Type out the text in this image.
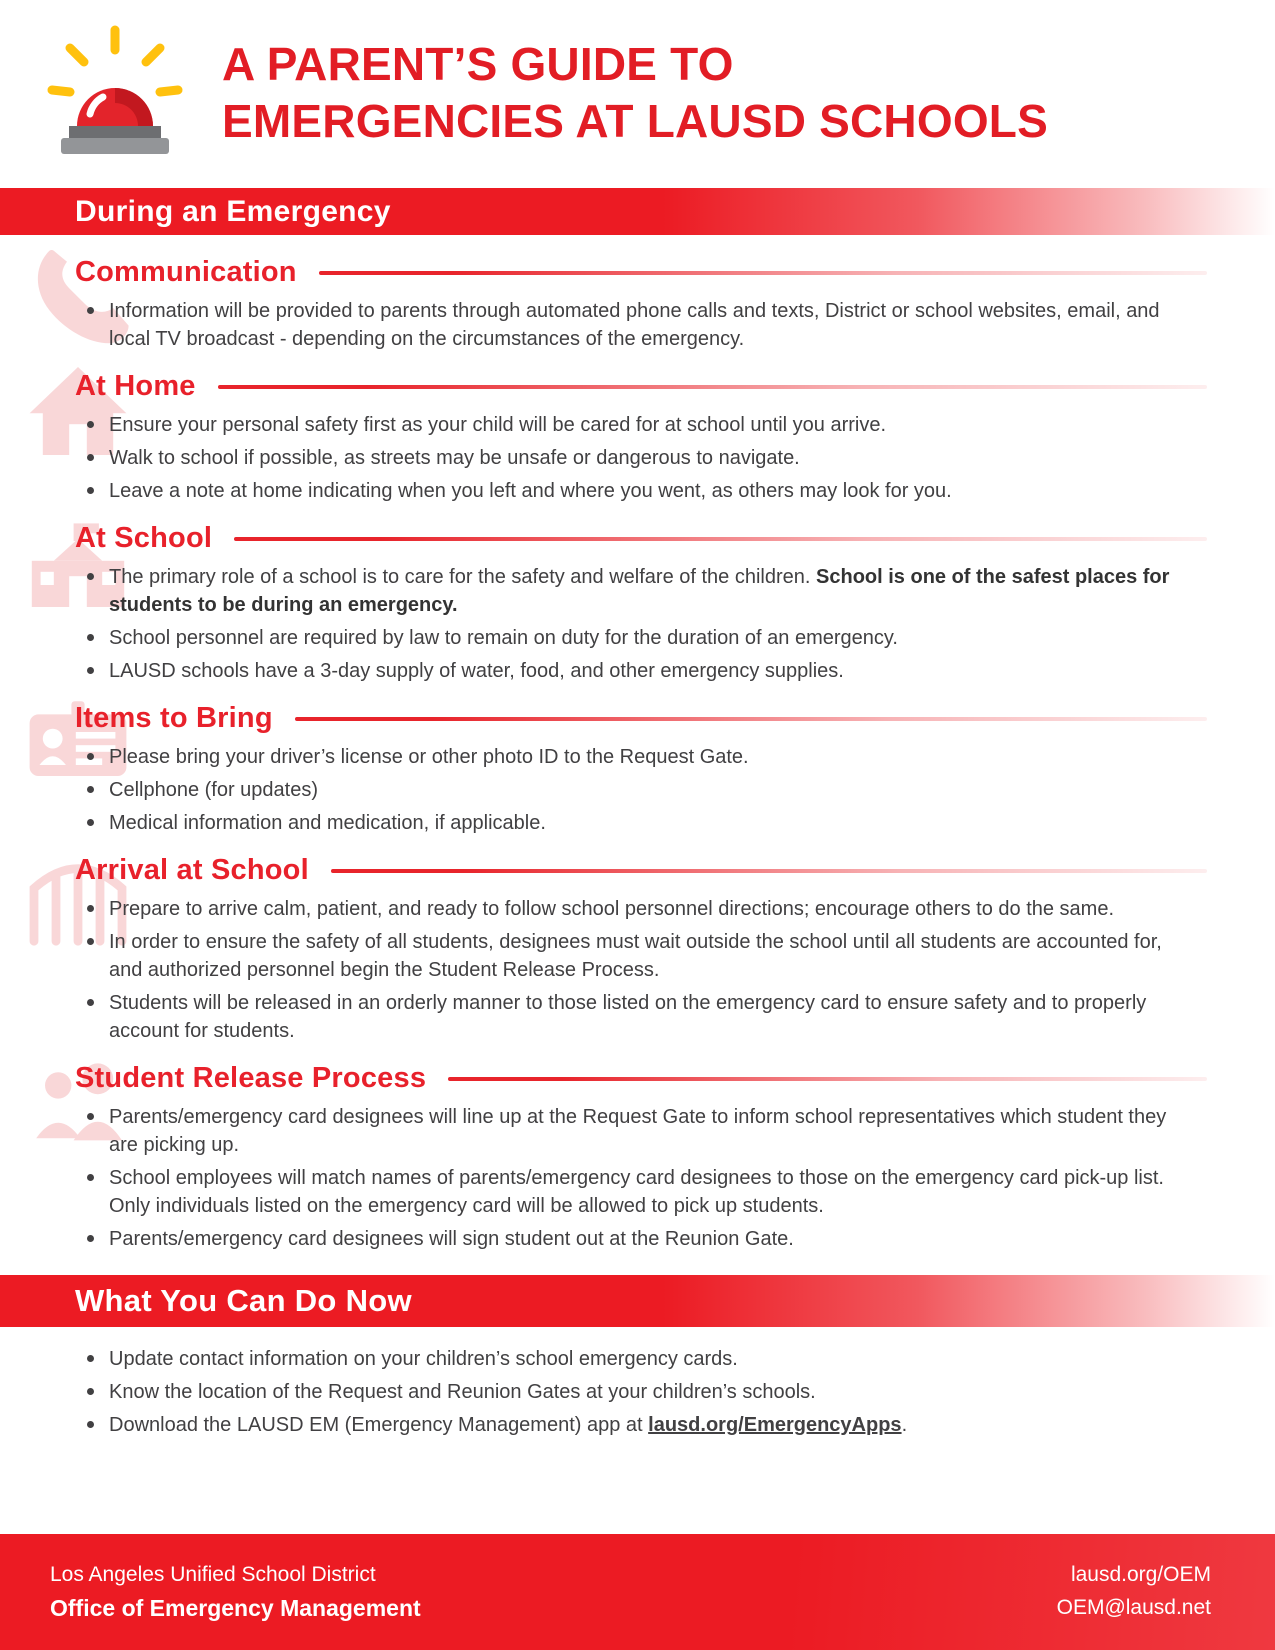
A PARENT’S GUIDE TO
EMERGENCIES AT LAUSD SCHOOLS
During an Emergency
Communication
Information will be provided to parents through automated phone calls and texts, District or school websites, email, and local TV broadcast - depending on the circumstances of the emergency.
At Home
Ensure your personal safety first as your child will be cared for at school until you arrive.
Walk to school if possible, as streets may be unsafe or dangerous to navigate.
Leave a note at home indicating when you left and where you went, as others may look for you.
At School
The primary role of a school is to care for the safety and welfare of the children. School is one of the safest places for students to be during an emergency.
School personnel are required by law to remain on duty for the duration of an emergency.
LAUSD schools have a 3-day supply of water, food, and other emergency supplies.
Items to Bring
Please bring your driver’s license or other photo ID to the Request Gate.
Cellphone (for updates)
Medical information and medication, if applicable.
Arrival at School
Prepare to arrive calm, patient, and ready to follow school personnel directions; encourage others to do the same.
In order to ensure the safety of all students, designees must wait outside the school until all students are accounted for, and authorized personnel begin the Student Release Process.
Students will be released in an orderly manner to those listed on the emergency card to ensure safety and to properly account for students.
Student Release Process
Parents/emergency card designees will line up at the Request Gate to inform school representatives which student they are picking up.
School employees will match names of parents/emergency card designees to those on the emergency card pick-up list. Only individuals listed on the emergency card will be allowed to pick up students.
Parents/emergency card designees will sign student out at the Reunion Gate.
What You Can Do Now
Update contact information on your children’s school emergency cards.
Know the location of the Request and Reunion Gates at your children’s schools.
Download the LAUSD EM (Emergency Management) app at lausd.org/EmergencyApps.
Los Angeles Unified School District
Office of Emergency Management
lausd.org/OEM
OEM@lausd.net
